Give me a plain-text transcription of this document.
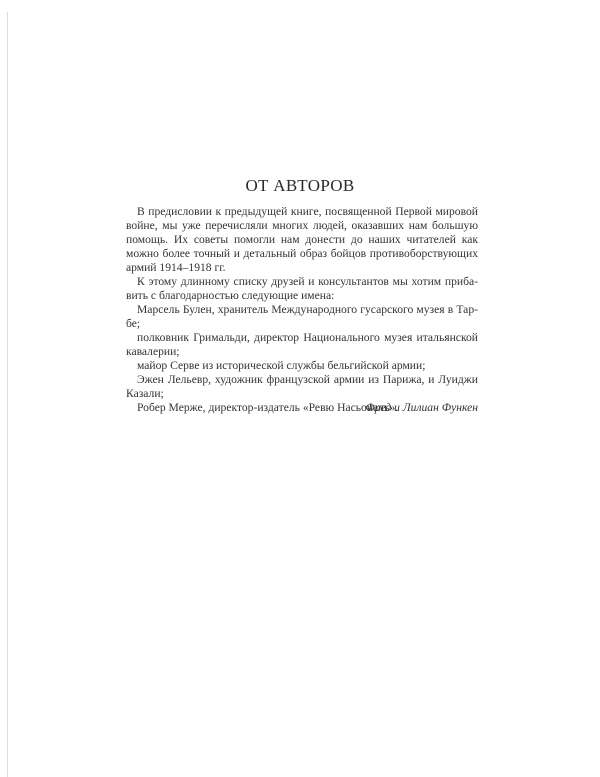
ОТ АВТОРОВ

В предисловии к предыдущей книге, посвященной Первой мировой войне, мы уже перечисляли многих людей, оказавших нам большую помощь. Их советы помогли нам донести до наших читателей как можно более точный и детальный образ бойцов противоборствующих армий 1914–1918 гг.

К этому длинному списку друзей и консультантов мы хотим прибавить с благодарностью следующие имена:

Марсель Булен, хранитель Международного гусарского музея в Тарбе;

полковник Гримальди, директор Национального музея итальянской кавалерии;

майор Серве из исторической службы бельгийской армии;

Эжен Лельевр, художник французской армии из Парижа, и Луиджи Казали;

Робер Мерже, директор-издатель «Ревю Насьональ».

Фред и Лилиан Функен
